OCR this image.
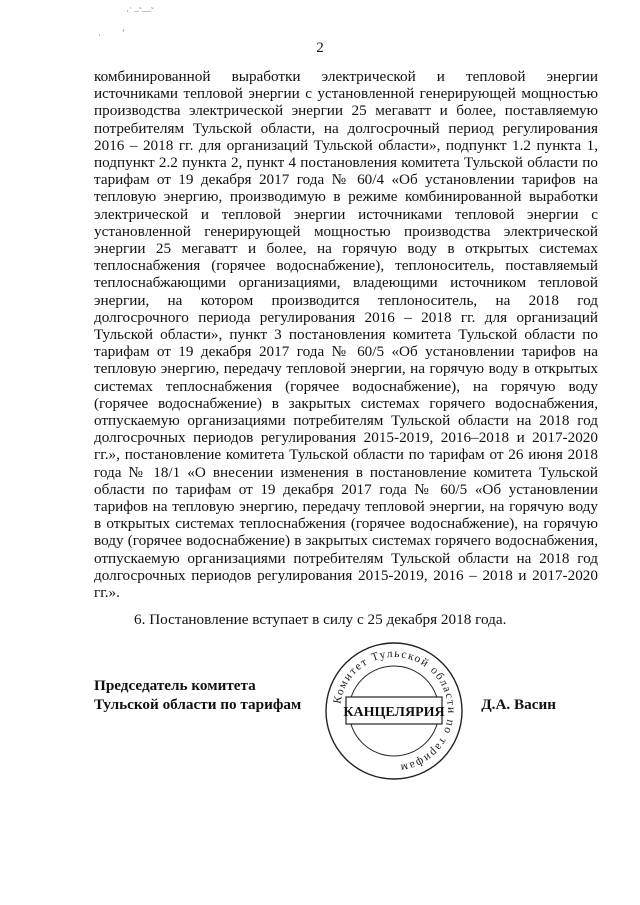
·˙ ‒˜—˜
· ʼ
2

комбинированной выработки электрической и тепловой энергии
источниками тепловой энергии с установленной генерирующей мощностью
производства электрической энергии 25 мегаватт и более, поставляемую
потребителям Тульской области, на долгосрочный период регулирования
2016 – 2018 гг. для организаций Тульской области», подпункт 1.2 пункта 1,
подпункт 2.2 пункта 2, пункт 4 постановления комитета Тульской области по
тарифам от 19 декабря 2017 года № 60/4 «Об установлении тарифов на
тепловую энергию, производимую в режиме комбинированной выработки
электрической и тепловой энергии источниками тепловой энергии с
установленной генерирующей мощностью производства электрической
энергии 25 мегаватт и более, на горячую воду в открытых системах
теплоснабжения (горячее водоснабжение), теплоноситель, поставляемый
теплоснабжающими организациями, владеющими источником тепловой
энергии, на котором производится теплоноситель, на 2018 год
долгосрочного периода регулирования 2016 – 2018 гг. для организаций
Тульской области», пункт 3 постановления комитета Тульской области по
тарифам от 19 декабря 2017 года № 60/5 «Об установлении тарифов на
тепловую энергию, передачу тепловой энергии, на горячую воду в открытых
системах теплоснабжения (горячее водоснабжение), на горячую воду
(горячее водоснабжение) в закрытых системах горячего водоснабжения,
отпускаемую организациями потребителям Тульской области на 2018 год
долгосрочных периодов регулирования 2015-2019, 2016–2018 и 2017-2020
гг.», постановление комитета Тульской области по тарифам от 26 июня 2018
года № 18/1 «О внесении изменения в постановление комитета Тульской
области по тарифам от 19 декабря 2017 года № 60/5 «Об установлении
тарифов на тепловую энергию, передачу тепловой энергии, на горячую воду
в открытых системах теплоснабжения (горячее водоснабжение), на горячую
воду (горячее водоснабжение) в закрытых системах горячего водоснабжения,
отпускаемую организациями потребителям Тульской области на 2018 год
долгосрочных периодов регулирования 2015-2019, 2016 – 2018 и 2017-2020
гг.».

6. Постановление вступает в силу с 25 декабря 2018 года.

Председатель комитета
Тульской области по тарифам	Комитет Тульской области по тарифам
КАНЦЕЛЯРИЯ Д.А. Васин
